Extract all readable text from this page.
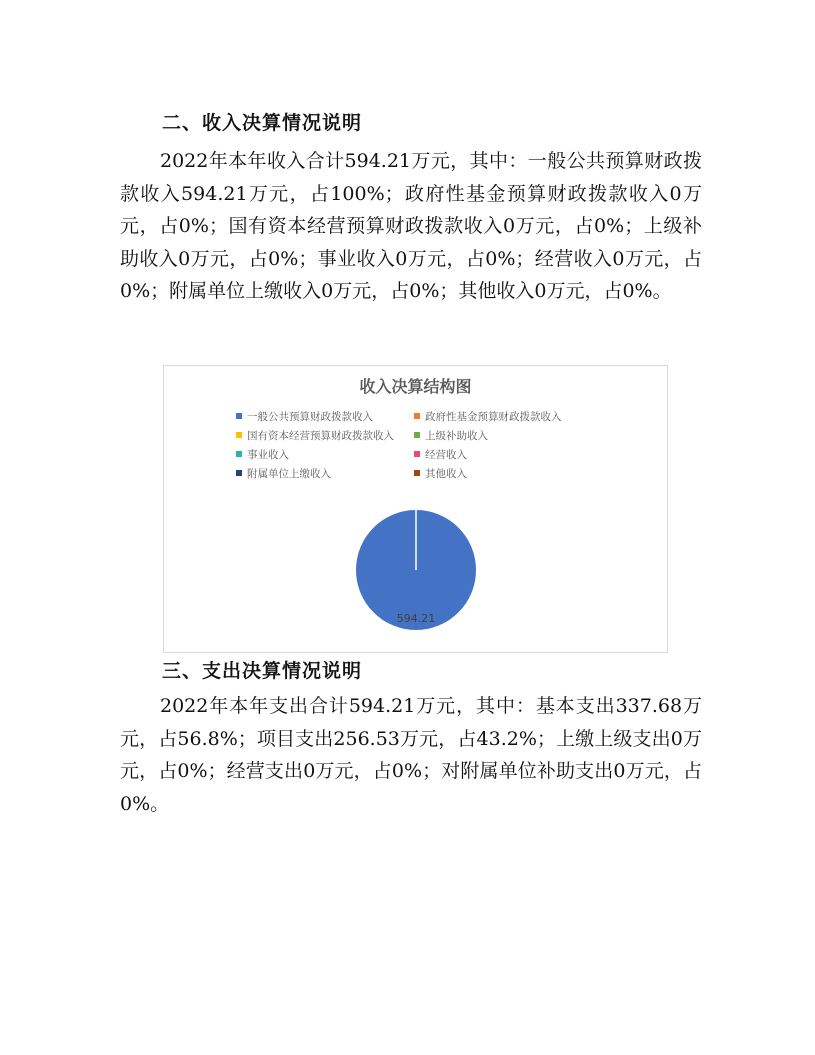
二、收入决算情况说明
2022年本年收入合计594.21万元，其中：一般公共预算财政拨款收入594.21万元，占100%；政府性基金预算财政拨款收入0万元，占0%；国有资本经营预算财政拨款收入0万元，占0%；上级补助收入0万元，占0%；事业收入0万元，占0%；经营收入0万元，占0%；附属单位上缴收入0万元，占0%；其他收入0万元，占0%。
收入决算结构图
一般公共预算财政拨款收入	政府性基金预算财政拨款收入
国有资本经营预算财政拨款收入	上级补助收入
事业收入	经营收入
附属单位上缴收入	其他收入
594.21
三、支出决算情况说明
2022年本年支出合计594.21万元，其中：基本支出337.68万元，占56.8%；项目支出256.53万元，占43.2%；上缴上级支出0万元，占0%；经营支出0万元，占0%；对附属单位补助支出0万元，占0%。
